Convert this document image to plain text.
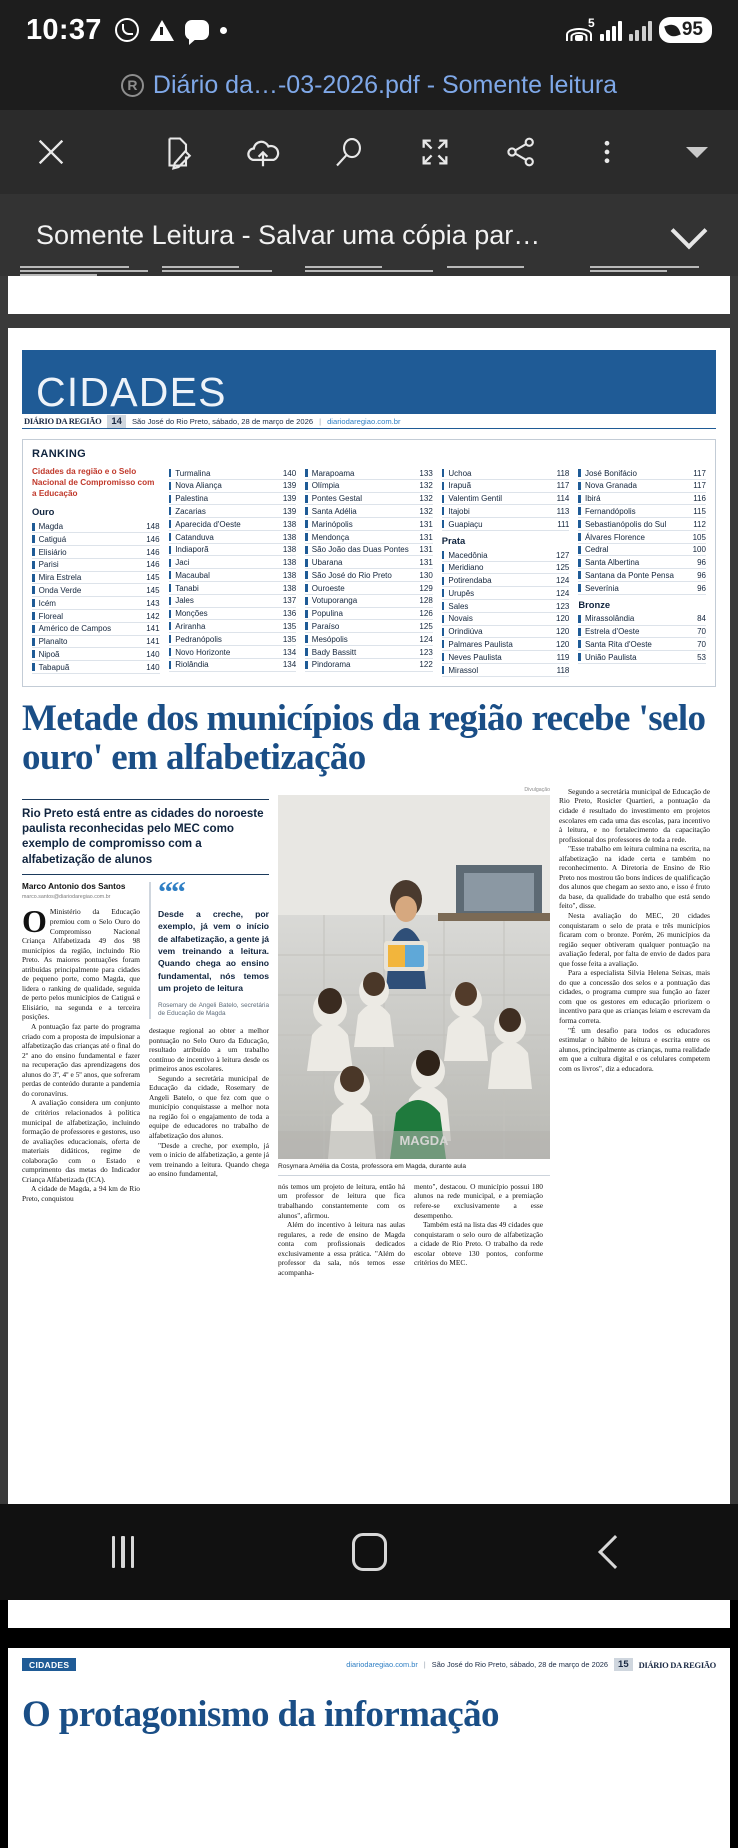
10:37	5	95
R Diário da…-03-2026.pdf - Somente leitura
Somente Leitura - Salvar uma cópia par…
CIDADES
DIÁRIO DA REGIÃO	14	São José do Rio Preto, sábado, 28 de março de 2026 | diariodaregiao.com.br
RANKING
Cidades da região e o Selo Nacional de Compromisso com a Educação
Ouro
Magda	148
Catiguá	146
Elisiário	146
Parisi	146
Mira Estrela	145
Onda Verde	145
Icém	143
Floreal	142
Américo de Campos	141
Planalto	141
Nipoã	140
Tabapuã	140
Turmalina	140
Nova Aliança	139
Palestina	139
Zacarias	139
Aparecida d'Oeste	138
Catanduva	138
Indiaporã	138
Jaci	138
Macaubal	138
Tanabi	138
Jales	137
Monções	136
Ariranha	135
Pedranópolis	135
Novo Horizonte	134
Riolândia	134
Marapoama	133
Olímpia	132
Pontes Gestal	132
Santa Adélia	132
Marinópolis	131
Mendonça	131
São João das Duas Pontes	131
Ubarana	131
São José do Rio Preto	130
Ouroeste	129
Votuporanga	128
Populina	126
Paraíso	125
Mesópolis	124
Bady Bassitt	123
Pindorama	122
Uchoa	118
Irapuã	117
Valentim Gentil	114
Itajobi	113
Guapiaçu	111
Prata
Macedônia	127
Meridiano	125
Potirendaba	124
Urupês	124
Sales	123
Novais	120
Orindiúva	120
Palmares Paulista	120
Neves Paulista	119
Mirassol	118
José Bonifácio	117
Nova Granada	117
Ibirá	116
Fernandópolis	115
Sebastianópolis do Sul	112
Álvares Florence	105
Cedral	100
Santa Albertina	96
Santana da Ponte Pensa	96
Severínia	96
Bronze
Mirassolândia	84
Estrela d'Oeste	70
Santa Rita d'Oeste	70
União Paulista	53
Metade dos municípios da região recebe 'selo ouro' em alfabetização
Rio Preto está entre as cidades do noroeste paulista reconhecidas pelo MEC como exemplo de compromisso com a alfabetização de alunos
Marco Antonio dos Santos
marco.santos@diariodaregiao.com.br

OMinistério da Educação premiou com o Selo Ouro do Compromisso Nacional Criança Alfabetizada 49 dos 98 municípios da região, incluindo Rio Preto. As maiores pontuações foram atribuídas principalmente para cidades de pequeno porte, como Magda, que lidera o ranking de qualidade, seguida de perto pelos municípios de Catiguá e Elisiário, na segunda e a terceira posições.

A pontuação faz parte do programa criado com a proposta de impulsionar a alfabetização das crianças até o final do 2º ano do ensino fundamental e fazer na recuperação das aprendizagens dos alunos do 3º, 4º e 5º anos, que sofreram perdas de conteúdo durante a pandemia do coronavírus.

A avaliação considera um conjunto de critérios relacionados à política municipal de alfabetização, incluindo formação de professores e gestores, uso de avaliações educacionais, oferta de materiais didáticos, regime de colaboração com o Estado e cumprimento das metas do Indicador Criança Alfabetizada (ICA).

A cidade de Magda, a 94 km de Rio Preto, conquistou

““
Desde a creche, por exemplo, já vem o início de alfabetização, a gente já vem treinando a leitura. Quando chega ao ensino fundamental, nós temos um projeto de leitura
Rosemary de Angeli Batelo, secretária de Educação de Magda

destaque regional ao obter a melhor pontuação no Selo Ouro da Educação, resultado atribuído a um trabalho contínuo de incentivo à leitura desde os primeiros anos escolares.

Segundo a secretária municipal de Educação da cidade, Rosemary de Angeli Batelo, o que fez com que o município conquistasse a melhor nota na região foi o engajamento de toda a equipe de educadores no trabalho de alfabetização dos alunos.

"Desde a creche, por exemplo, já vem o início de alfabetização, a gente já vem treinando a leitura. Quando chega ao ensino fundamental,

Divulgação
Rosymara Amélia da Costa, professora em Magda, durante aula

nós temos um projeto de leitura, então há um professor de leitura que fica trabalhando constantemente com os alunos", afirmou.

Além do incentivo à leitura nas aulas regulares, a rede de ensino de Magda conta com profissionais dedicados exclusivamente a essa prática. "Além do professor da sala, nós temos esse acompanha-

mento", destacou. O município possui 180 alunos na rede municipal, e a premiação refere-se exclusivamente a esse desempenho.

Também está na lista das 49 cidades que conquistaram o selo ouro de alfabetização a cidade de Rio Preto. O trabalho da rede escolar obteve 130 pontos, conforme critérios do MEC.

Segundo a secretária municipal de Educação de Rio Preto, Rosicler Quartieri, a pontuação da cidade é resultado do investimento em projetos escolares em cada uma das escolas, para incentivo à leitura, e no fortalecimento da capacitação profissional dos professores de toda a rede.

"Esse trabalho em leitura culmina na escrita, na alfabetização na idade certa e também no reconhecimento. A Diretoria de Ensino de Rio Preto nos mostrou tão bons índices de qualificação dos alunos que chegam ao sexto ano, e isso é fruto da base, da qualidade do trabalho que está sendo feito", disse.

Nesta avaliação do MEC, 20 cidades conquistaram o selo de prata e três municípios ficaram com o bronze. Porém, 26 municípios da região sequer obtiveram qualquer pontuação na avaliação federal, por falta de envio de dados para que fosse feita a avaliação.

Para a especialista Silvia Helena Seixas, mais do que a concessão dos selos e a pontuação das cidades, o programa cumpre sua função ao fazer com que os gestores em educação priorizem o incentivo para que as crianças leiam e escrevam da forma correta.

"É um desafio para todos os educadores estimular o hábito de leitura e escrita entre os alunos, principalmente as crianças, numa realidade em que a cultura digital e os celulares competem com os livros", diz a educadora.

CIDADES	diariodaregiao.com.br | São José do Rio Preto, sábado, 28 de março de 2026	15	DIÁRIO DA REGIÃO
O protagonismo da informação
